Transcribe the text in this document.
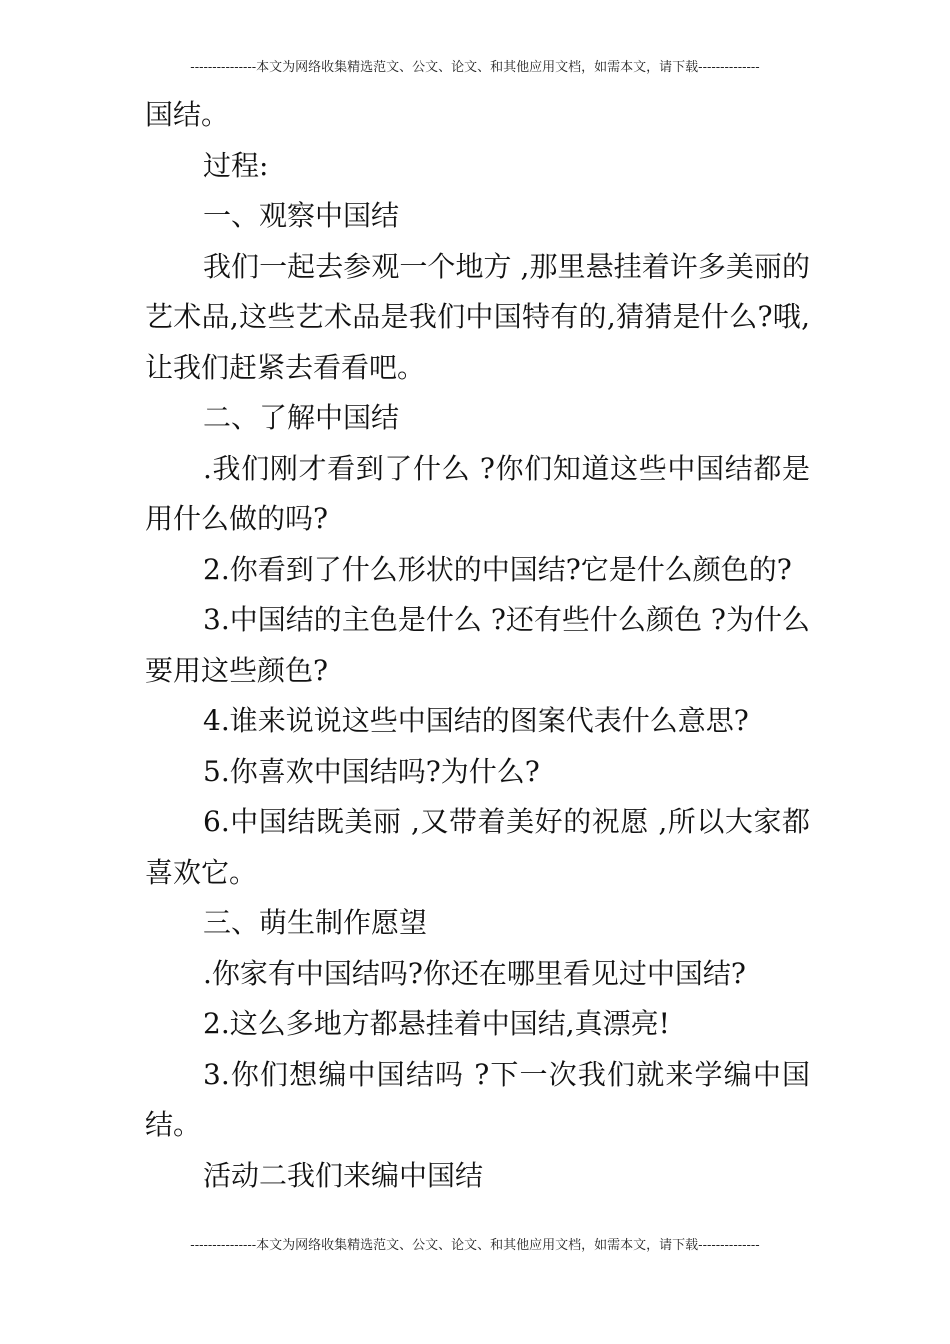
---------------本文为网络收集精选范文、公文、论文、和其他应用文档，如需本文，请下载--------------

国结。

过程:

一、观察中国结

我们一起去参观一个地方 ,那里悬挂着许多美丽的艺术品,这些艺术品是我们中国特有的,猜猜是什么?哦,让我们赶紧去看看吧。

二、了解中国结

.我们刚才看到了什么 ?你们知道这些中国结都是用什么做的吗?

2.你看到了什么形状的中国结?它是什么颜色的?

3.中国结的主色是什么 ?还有些什么颜色 ?为什么要用这些颜色?

4.谁来说说这些中国结的图案代表什么意思?

5.你喜欢中国结吗?为什么?

6.中国结既美丽 ,又带着美好的祝愿 ,所以大家都喜欢它。

三、萌生制作愿望

.你家有中国结吗?你还在哪里看见过中国结?

2.这么多地方都悬挂着中国结,真漂亮!

3.你们想编中国结吗 ?下一次我们就来学编中国结。

活动二我们来编中国结

---------------本文为网络收集精选范文、公文、论文、和其他应用文档，如需本文，请下载--------------
